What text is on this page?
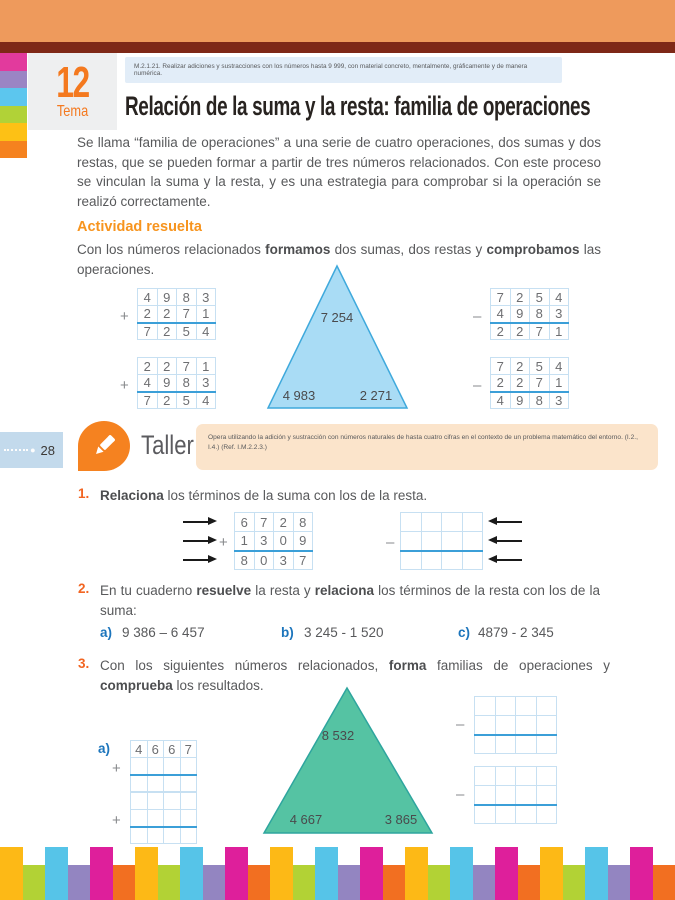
12
Tema
M.2.1.21. Realizar adiciones y sustracciones con los números hasta 9 999, con material concreto, mentalmente, gráficamente y de manera numérica.
Relación de la suma y la resta: familia de operaciones

Se llama “familia de operaciones” a una serie de cuatro operaciones, dos sumas y dos restas, que se pueden formar a partir de tres números relacionados. Con este proceso se vinculan la suma y la resta, y es una estrategia para comprobar si la operación se realizó correctamente.

Actividad resuelta

Con los números relacionados formamos dos sumas, dos restas y comprobamos las operaciones.

+
4	9	8	3
2	2	7	1
7	2	5	4
+
2	2	7	1
4	9	8	3
7	2	5	4
7 254
4 983	2 271
–
7	2	5	4
4	9	8	3
2	2	7	1
–
7	2	5	4
2	2	7	1
4	9	8	3
● 28	Taller	Opera utilizando la adición y sustracción con números naturales de hasta cuatro cifras en el contexto de un problema matemático del entorno. (I.2., I.4.) (Ref. I.M.2.2.3.)
1. Relaciona los términos de la suma con los de la resta.

+
6	7	2	8
1	3	0	9
8	0	3	7
–

2. En tu cuaderno resuelve la resta y relaciona los términos de la resta con los de la suma:

a) 9 386 – 6 457	b) 3 245 - 1 520	c) 4879 - 2 345
3. Con los siguientes números relacionados, forma familias de operaciones y comprueba los resultados.

a)
+
4	6	6	7

+

8 532
4 667	3 865
–

–
